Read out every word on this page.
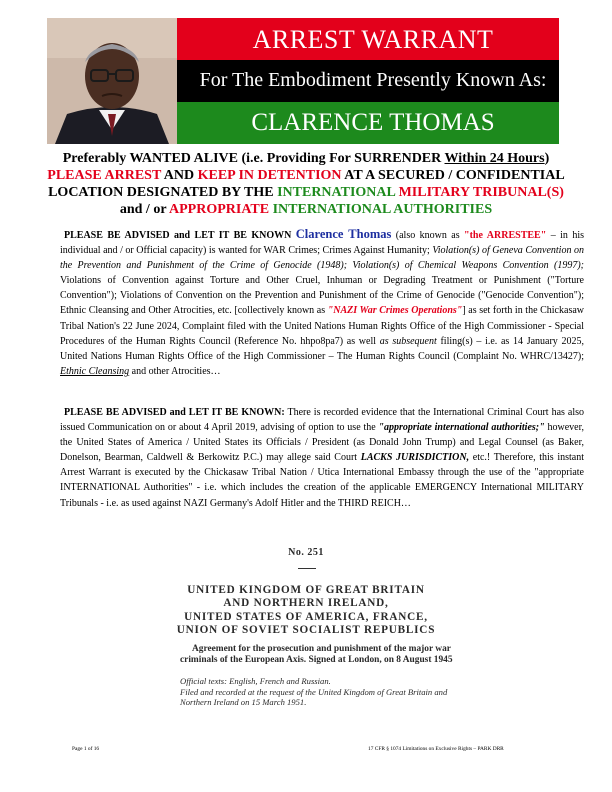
ARREST WARRANT
For The Embodiment Presently Known As:
CLARENCE THOMAS
Preferably WANTED ALIVE (i.e. Providing For SURRENDER Within 24 Hours)
PLEASE ARREST AND KEEP IN DETENTION AT A SECURED / CONFIDENTIAL
LOCATION DESIGNATED BY THE INTERNATIONAL MILITARY TRIBUNAL(S)
and / or APPROPRIATE INTERNATIONAL AUTHORITIES
PLEASE BE ADVISED and LET IT BE KNOWN Clarence Thomas (also known as "the ARRESTEE" – in his individual and / or Official capacity) is wanted for WAR Crimes; Crimes Against Humanity; Violation(s) of Geneva Convention on the Prevention and Punishment of the Crime of Genocide (1948); Violation(s) of Chemical Weapons Convention (1997); Violations of Convention against Torture and Other Cruel, Inhuman or Degrading Treatment or Punishment ("Torture Convention"); Violations of Convention on the Prevention and Punishment of the Crime of Genocide ("Genocide Convention"); Ethnic Cleansing and Other Atrocities, etc. [collectively known as "NAZI War Crimes Operations"] as set forth in the Chickasaw Tribal Nation's 22 June 2024, Complaint filed with the United Nations Human Rights Office of the High Commissioner - Special Procedures of the Human Rights Council (Reference No. hhpo8pa7) as well as subsequent filing(s) – i.e. as 14 January 2025, United Nations Human Rights Office of the High Commissioner – The Human Rights Council (Complaint No. WHRC/13427); Ethnic Cleansing and other Atrocities…
PLEASE BE ADVISED and LET IT BE KNOWN: There is recorded evidence that the International Criminal Court has also issued Communication on or about 4 April 2019, advising of option to use the "appropriate international authorities;" however, the United States of America / United States its Officials / President (as Donald John Trump) and Legal Counsel (as Baker, Donelson, Bearman, Caldwell & Berkowitz P.C.) may allege said Court LACKS JURISDICTION, etc.! Therefore, this instant Arrest Warrant is executed by the Chickasaw Tribal Nation / Utica International Embassy through the use of the "appropriate INTERNATIONAL Authorities" - i.e. which includes the creation of the applicable EMERGENCY International MILITARY Tribunals - i.e. as used against NAZI Germany's Adolf Hitler and the THIRD REICH…
No. 251
UNITED KINGDOM OF GREAT BRITAIN
AND NORTHERN IRELAND,
UNITED STATES OF AMERICA, FRANCE,
UNION OF SOVIET SOCIALIST REPUBLICS
Agreement for the prosecution and punishment of the major war criminals of the European Axis. Signed at London, on 8 August 1945
Official texts: English, French and Russian.
Filed and recorded at the request of the United Kingdom of Great Britain and Northern Ireland on 15 March 1951.
Page 1 of 16	17 CFR § 1074 Limitations on Exclusive Rights – PARK DRR
